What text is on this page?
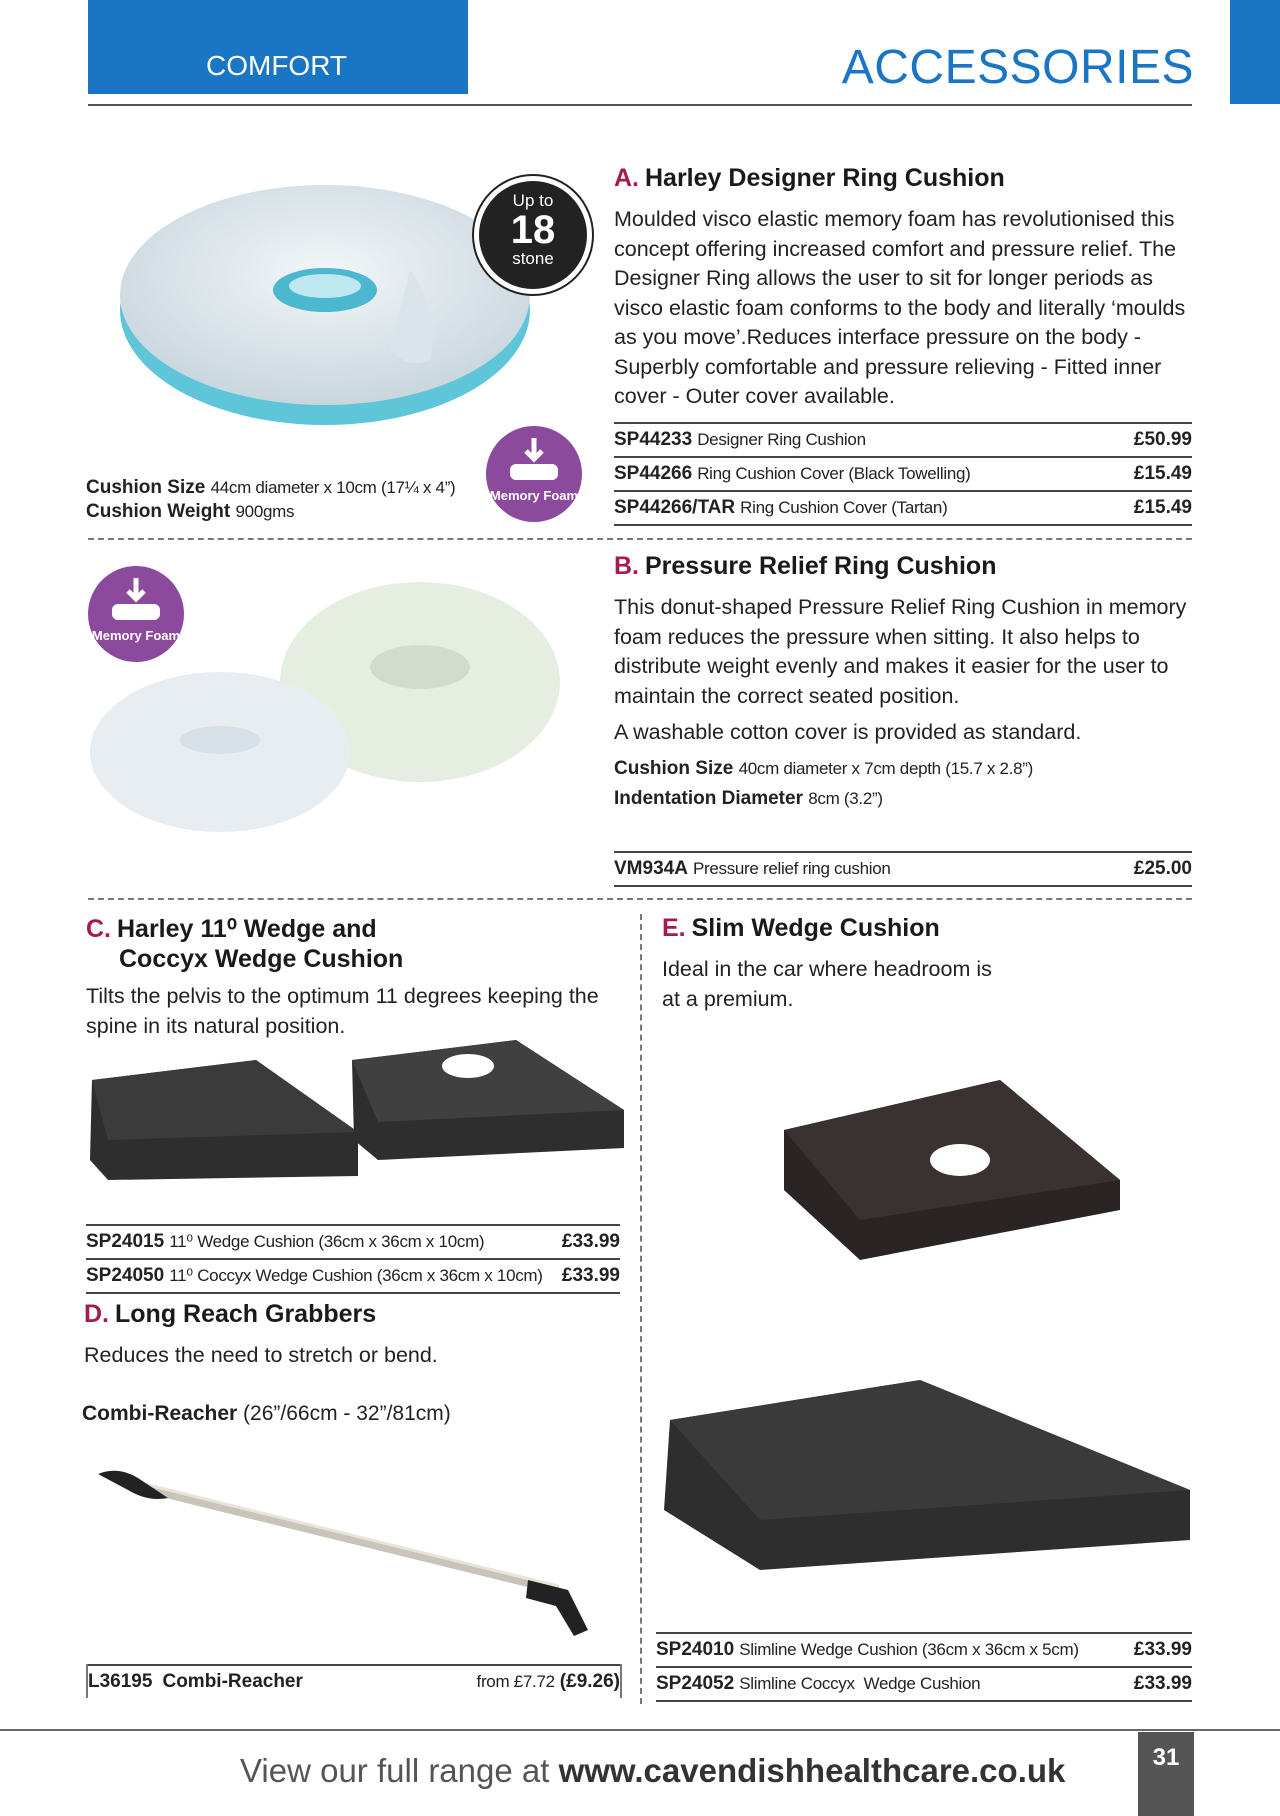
COMFORT	ACCESSORIES
Up to
18
stone
Memory Foam
Cushion Size 44cm diameter x 10cm (17¼ x 4”)
Cushion Weight 900gms
A. Harley Designer Ring Cushion
Moulded visco elastic memory foam has revolutionised this concept offering increased comfort and pressure relief. The Designer Ring allows the user to sit for longer periods as visco elastic foam conforms to the body and literally ‘moulds as you move’.Reduces interface pressure on the body - Superbly comfortable and pressure relieving - Fitted inner cover - Outer cover available.
SP44233 Designer Ring Cushion	£50.99
SP44266 Ring Cushion Cover (Black Towelling)	£15.49
SP44266/TAR Ring Cushion Cover (Tartan)	£15.49
Memory Foam
B. Pressure Relief Ring Cushion
This donut-shaped Pressure Relief Ring Cushion in memory foam reduces the pressure when sitting. It also helps to distribute weight evenly and makes it easier for the user to maintain the correct seated position.
A washable cotton cover is provided as standard.
Cushion Size 40cm diameter x 7cm depth (15.7 x 2.8”)
Indentation Diameter 8cm (3.2”)
VM934A Pressure relief ring cushion	£25.00
C. Harley 11⁰ Wedge and
Coccyx Wedge Cushion
Tilts the pelvis to the optimum 11 degrees keeping the spine in its natural position.
SP24015 11⁰ Wedge Cushion (36cm x 36cm x 10cm)	£33.99
SP24050 11⁰ Coccyx Wedge Cushion (36cm x 36cm x 10cm) £33.99
D. Long Reach Grabbers
Reduces the need to stretch or bend.
Combi-Reacher (26”/66cm - 32”/81cm)
L36195 Combi-Reacher	from £7.72 (£9.26)
E. Slim Wedge Cushion
Ideal in the car where headroom is at a premium.
SP24010 Slimline Wedge Cushion (36cm x 36cm x 5cm)	£33.99
SP24052 Slimline Coccyx  Wedge Cushion	£33.99
View our full range at www.cavendishhealthcare.co.uk	31
